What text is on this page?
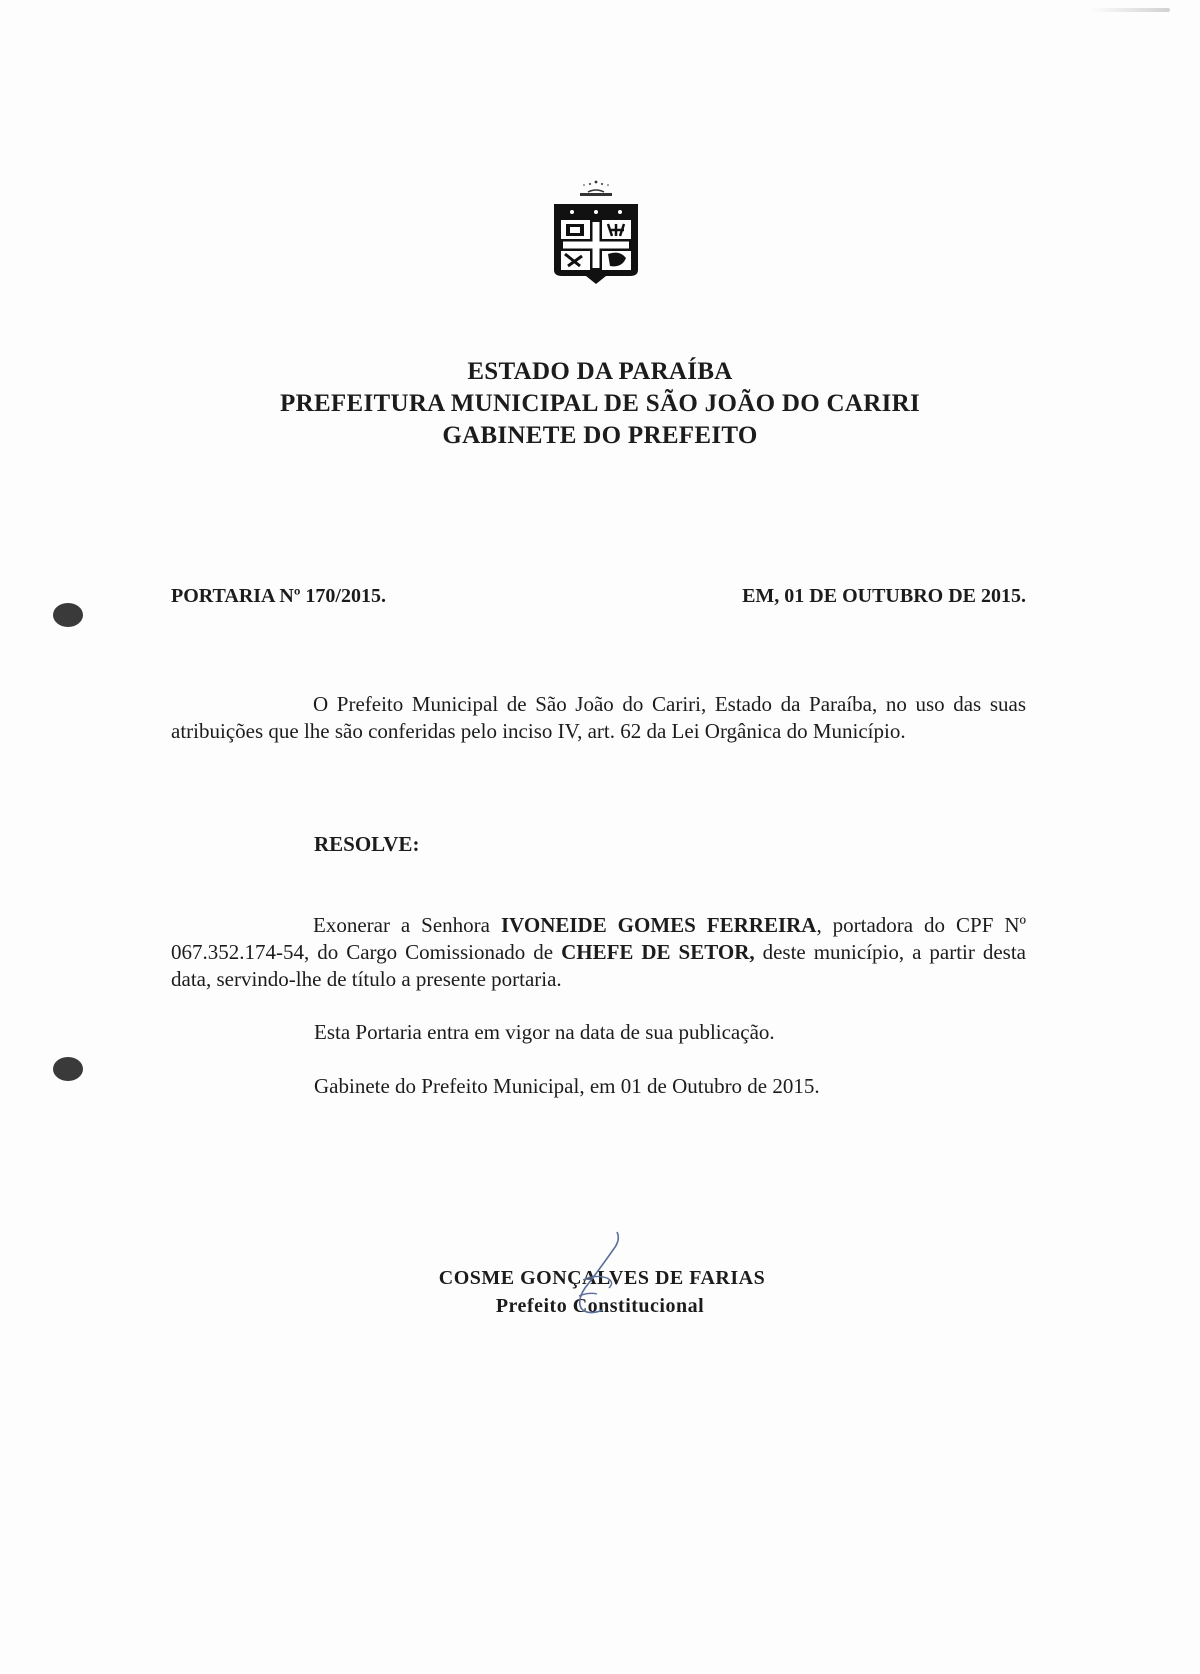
ESTADO DA PARAÍBA
PREFEITURA MUNICIPAL DE SÃO JOÃO DO CARIRI
GABINETE DO PREFEITO
PORTARIA Nº 170/2015.	EM, 01 DE OUTUBRO DE 2015.
O Prefeito Municipal de São João do Cariri, Estado da Paraíba, no uso das suas atribuições que lhe são conferidas pelo inciso IV, art. 62 da Lei Orgânica do Município.
RESOLVE:
Exonerar a Senhora IVONEIDE GOMES FERREIRA, portadora do CPF Nº 067.352.174-54, do Cargo Comissionado de CHEFE DE SETOR, deste município, a partir desta data, servindo-lhe de título a presente portaria.
Esta Portaria entra em vigor na data de sua publicação.
Gabinete do Prefeito Municipal, em 01 de Outubro de 2015.
COSME GONÇALVES DE FARIAS
Prefeito Constitucional
